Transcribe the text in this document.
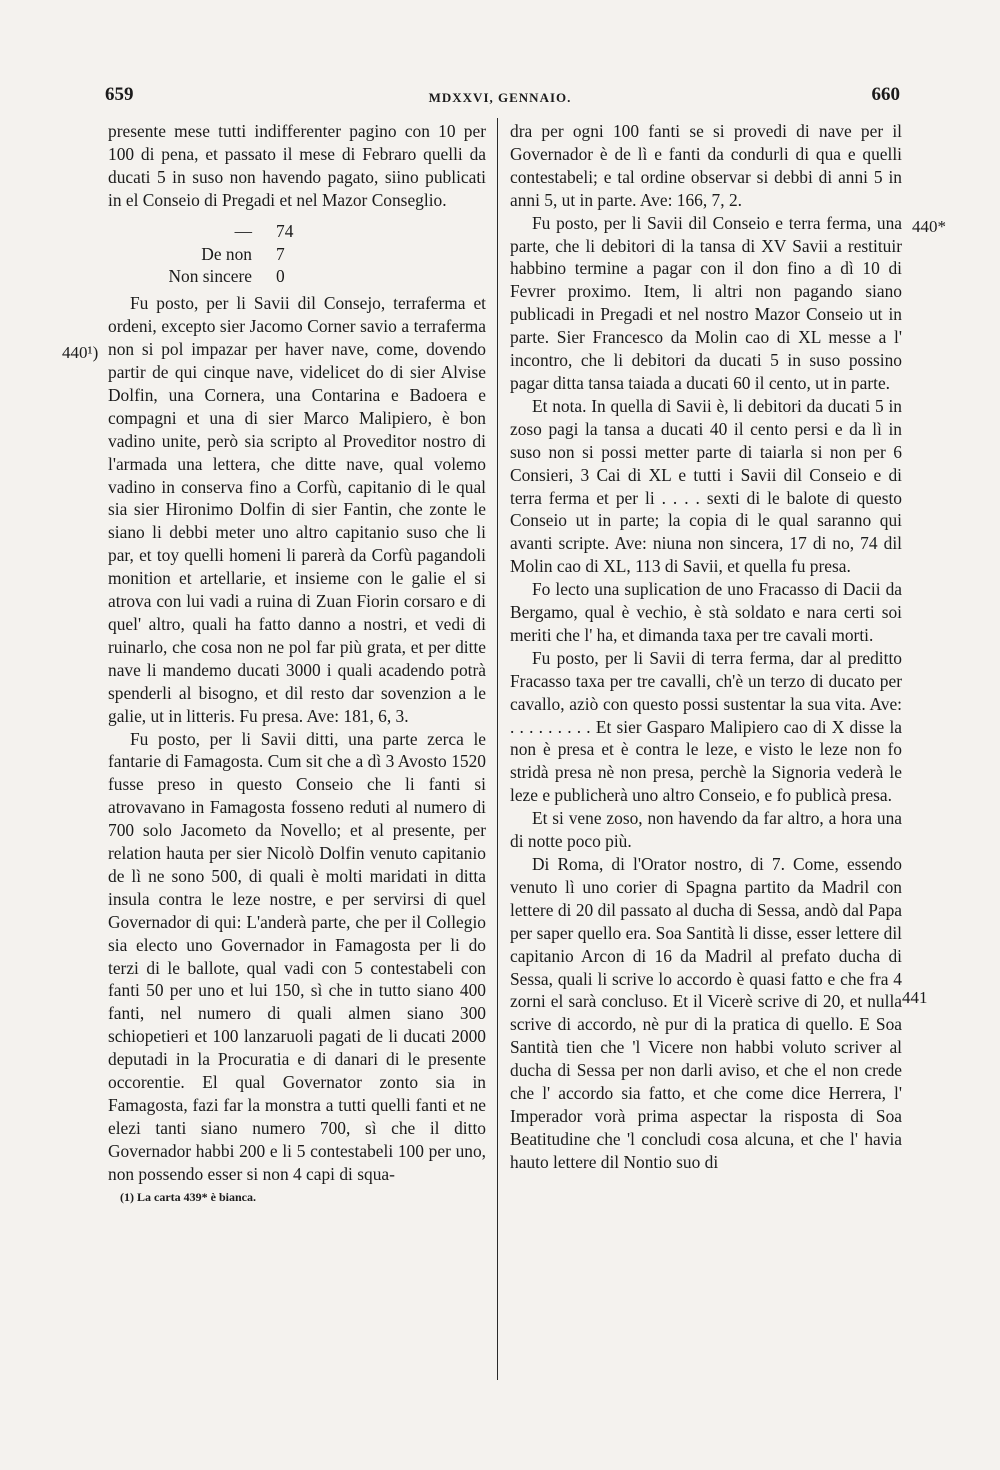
659	MDXXVI, GENNAIO.	660
440¹)
440*
441

presente mese tutti indifferenter pagino con 10 per 100 di pena, et passato il mese di Febraro quelli da ducati 5 in suso non havendo pagato, siino publicati in el Conseio di Pregadi et nel Mazor Conseglio.

—	74
De non	7
Non sincere	0

Fu posto, per li Savii dil Consejo, terraferma et ordeni, excepto sier Jacomo Corner savio a terraferma non si pol impazar per haver nave, come, dovendo partir de qui cinque nave, videlicet do di sier Alvise Dolfin, una Cornera, una Contarina e Badoera e compagni et una di sier Marco Malipiero, è bon vadino unite, però sia scripto al Proveditor nostro di l'armada una lettera, che ditte nave, qual volemo vadino in conserva fino a Corfù, capitanio di le qual sia sier Hironimo Dolfin di sier Fantin, che zonte le siano li debbi meter uno altro capitanio suso che li par, et toy quelli homeni li parerà da Corfù pagandoli monition et artellarie, et insieme con le galie el si atrova con lui vadi a ruina di Zuan Fiorin corsaro e di quel' altro, quali ha fatto danno a nostri, et vedi di ruinarlo, che cosa non ne pol far più grata, et per ditte nave li mandemo ducati 3000 i quali acadendo potrà spenderli al bisogno, et dil resto dar sovenzion a le galie, ut in litteris. Fu presa. Ave: 181, 6, 3.

Fu posto, per li Savii ditti, una parte zerca le fantarie di Famagosta. Cum sit che a dì 3 Avosto 1520 fusse preso in questo Conseio che li fanti si atrovavano in Famagosta fosseno reduti al numero di 700 solo Jacometo da Novello; et al presente, per relation hauta per sier Nicolò Dolfin venuto capitanio de lì ne sono 500, di quali è molti maridati in ditta insula contra le leze nostre, e per servirsi di quel Governador di qui: L'anderà parte, che per il Collegio sia electo uno Governador in Famagosta per li do terzi di le ballote, qual vadi con 5 contestabeli con fanti 50 per uno et lui 150, sì che in tutto siano 400 fanti, nel numero di quali almen siano 300 schiopetieri et 100 lanzaruoli pagati de li ducati 2000 deputadi in la Procuratia e di danari di le presente occorentie. El qual Governator zonto sia in Famagosta, fazi far la monstra a tutti quelli fanti et ne elezi tanti siano numero 700, sì che il ditto Governador habbi 200 e li 5 contestabeli 100 per uno, non possendo esser si non 4 capi di squa-

(1) La carta 439* è bianca.

dra per ogni 100 fanti se si provedi di nave per il Governador è de lì e fanti da condurli di qua e quelli contestabeli; e tal ordine observar si debbi di anni 5 in anni 5, ut in parte. Ave: 166, 7, 2.

Fu posto, per li Savii dil Conseio e terra ferma, una parte, che li debitori di la tansa di XV Savii a restituir habbino termine a pagar con il don fino a dì 10 di Fevrer proximo. Item, li altri non pagando siano publicadi in Pregadi et nel nostro Mazor Conseio ut in parte. Sier Francesco da Molin cao di XL messe a l' incontro, che li debitori da ducati 5 in suso possino pagar ditta tansa taiada a ducati 60 il cento, ut in parte.

Et nota. In quella di Savii è, li debitori da ducati 5 in zoso pagi la tansa a ducati 40 il cento persi e da lì in suso non si possi metter parte di taiarla si non per 6 Consieri, 3 Cai di XL e tutti i Savii dil Conseio e di terra ferma et per li . . . . sexti di le balote di questo Conseio ut in parte; la copia di le qual saranno qui avanti scripte. Ave: niuna non sincera, 17 di no, 74 dil Molin cao di XL, 113 di Savii, et quella fu presa.

Fo lecto una suplication de uno Fracasso di Dacii da Bergamo, qual è vechio, è stà soldato e nara certi soi meriti che l' ha, et dimanda taxa per tre cavali morti.

Fu posto, per li Savii di terra ferma, dar al preditto Fracasso taxa per tre cavalli, ch'è un terzo di ducato per cavallo, aziò con questo possi sustentar la sua vita. Ave: . . . . . . . . . Et sier Gasparo Malipiero cao di X disse la non è presa et è contra le leze, e visto le leze non fo stridà presa nè non presa, perchè la Signoria vederà le leze e publicherà uno altro Conseio, e fo publicà presa.

Et si vene zoso, non havendo da far altro, a hora una di notte poco più.

Di Roma, di l'Orator nostro, di 7. Come, essendo venuto lì uno corier di Spagna partito da Madril con lettere di 20 dil passato al ducha di Sessa, andò dal Papa per saper quello era. Soa Santità li disse, esser lettere dil capitanio Arcon di 16 da Madril al prefato ducha di Sessa, quali li scrive lo accordo è quasi fatto e che fra 4 zorni el sarà concluso. Et il Vicerè scrive di 20, et nulla scrive di accordo, nè pur di la pratica di quello. E Soa Santità tien che 'l Vicere non habbi voluto scriver al ducha di Sessa per non darli aviso, et che el non crede che l' accordo sia fatto, et che come dice Herrera, l' Imperador vorà prima aspectar la risposta di Soa Beatitudine che 'l concludi cosa alcuna, et che l' havia hauto lettere dil Nontio suo di
